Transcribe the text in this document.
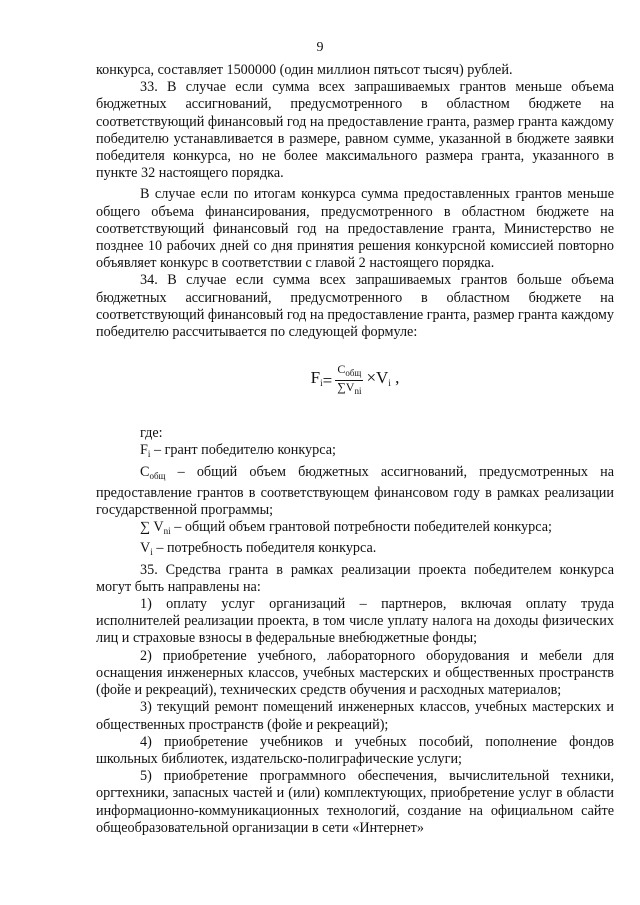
9

конкурса, составляет 1500000 (один миллион пятьсот тысяч) рублей.

33. В случае если сумма всех запрашиваемых грантов меньше объема бюджетных ассигнований, предусмотренного в областном бюджете на соответствующий финансовый год на предоставление гранта, размер гранта каждому победителю устанавливается в размере, равном сумме, указанной в бюджете заявки победителя конкурса, но не более максимального размера гранта, указанного в пункте 32 настоящего порядка.

В случае если по итогам конкурса сумма предоставленных грантов меньше общего объема финансирования, предусмотренного в областном бюджете на соответствующий финансовый год на предоставление гранта, Министерство не позднее 10 рабочих дней со дня принятия решения конкурсной комиссией повторно объявляет конкурс в соответствии с главой 2 настоящего порядка.

34. В случае если сумма всех запрашиваемых грантов больше объема бюджетных ассигнований, предусмотренного в областном бюджете на соответствующий финансовый год на предоставление гранта, размер гранта каждому победителю рассчитывается по следующей формуле:

$F_i = \frac{C_{общ}}{\sum V_{ni}} \times V_i$ ,

где:

$F_i$ – грант победителю конкурса;

$C_{общ}$ – общий объем бюджетных ассигнований, предусмотренных на предоставление грантов в соответствующем финансовом году в рамках реализации государственной программы;

∑ $V_{ni}$ – общий объем грантовой потребности победителей конкурса;

$V_i$ – потребность победителя конкурса.

35. Средства гранта в рамках реализации проекта победителем конкурса могут быть направлены на:

1) оплату услуг организаций – партнеров, включая оплату труда исполнителей реализации проекта, в том числе уплату налога на доходы физических лиц и страховые взносы в федеральные внебюджетные фонды;

2) приобретение учебного, лабораторного оборудования и мебели для оснащения инженерных классов, учебных мастерских и общественных пространств (фойе и рекреаций), технических средств обучения и расходных материалов;

3) текущий ремонт помещений инженерных классов, учебных мастерских и общественных пространств (фойе и рекреаций);

4) приобретение учебников и учебных пособий, пополнение фондов школьных библиотек, издательско-полиграфические услуги;

5) приобретение программного обеспечения, вычислительной техники, оргтехники, запасных частей и (или) комплектующих, приобретение услуг в области информационно-коммуникационных технологий, создание на официальном сайте общеобразовательной организации в сети «Интернет»
